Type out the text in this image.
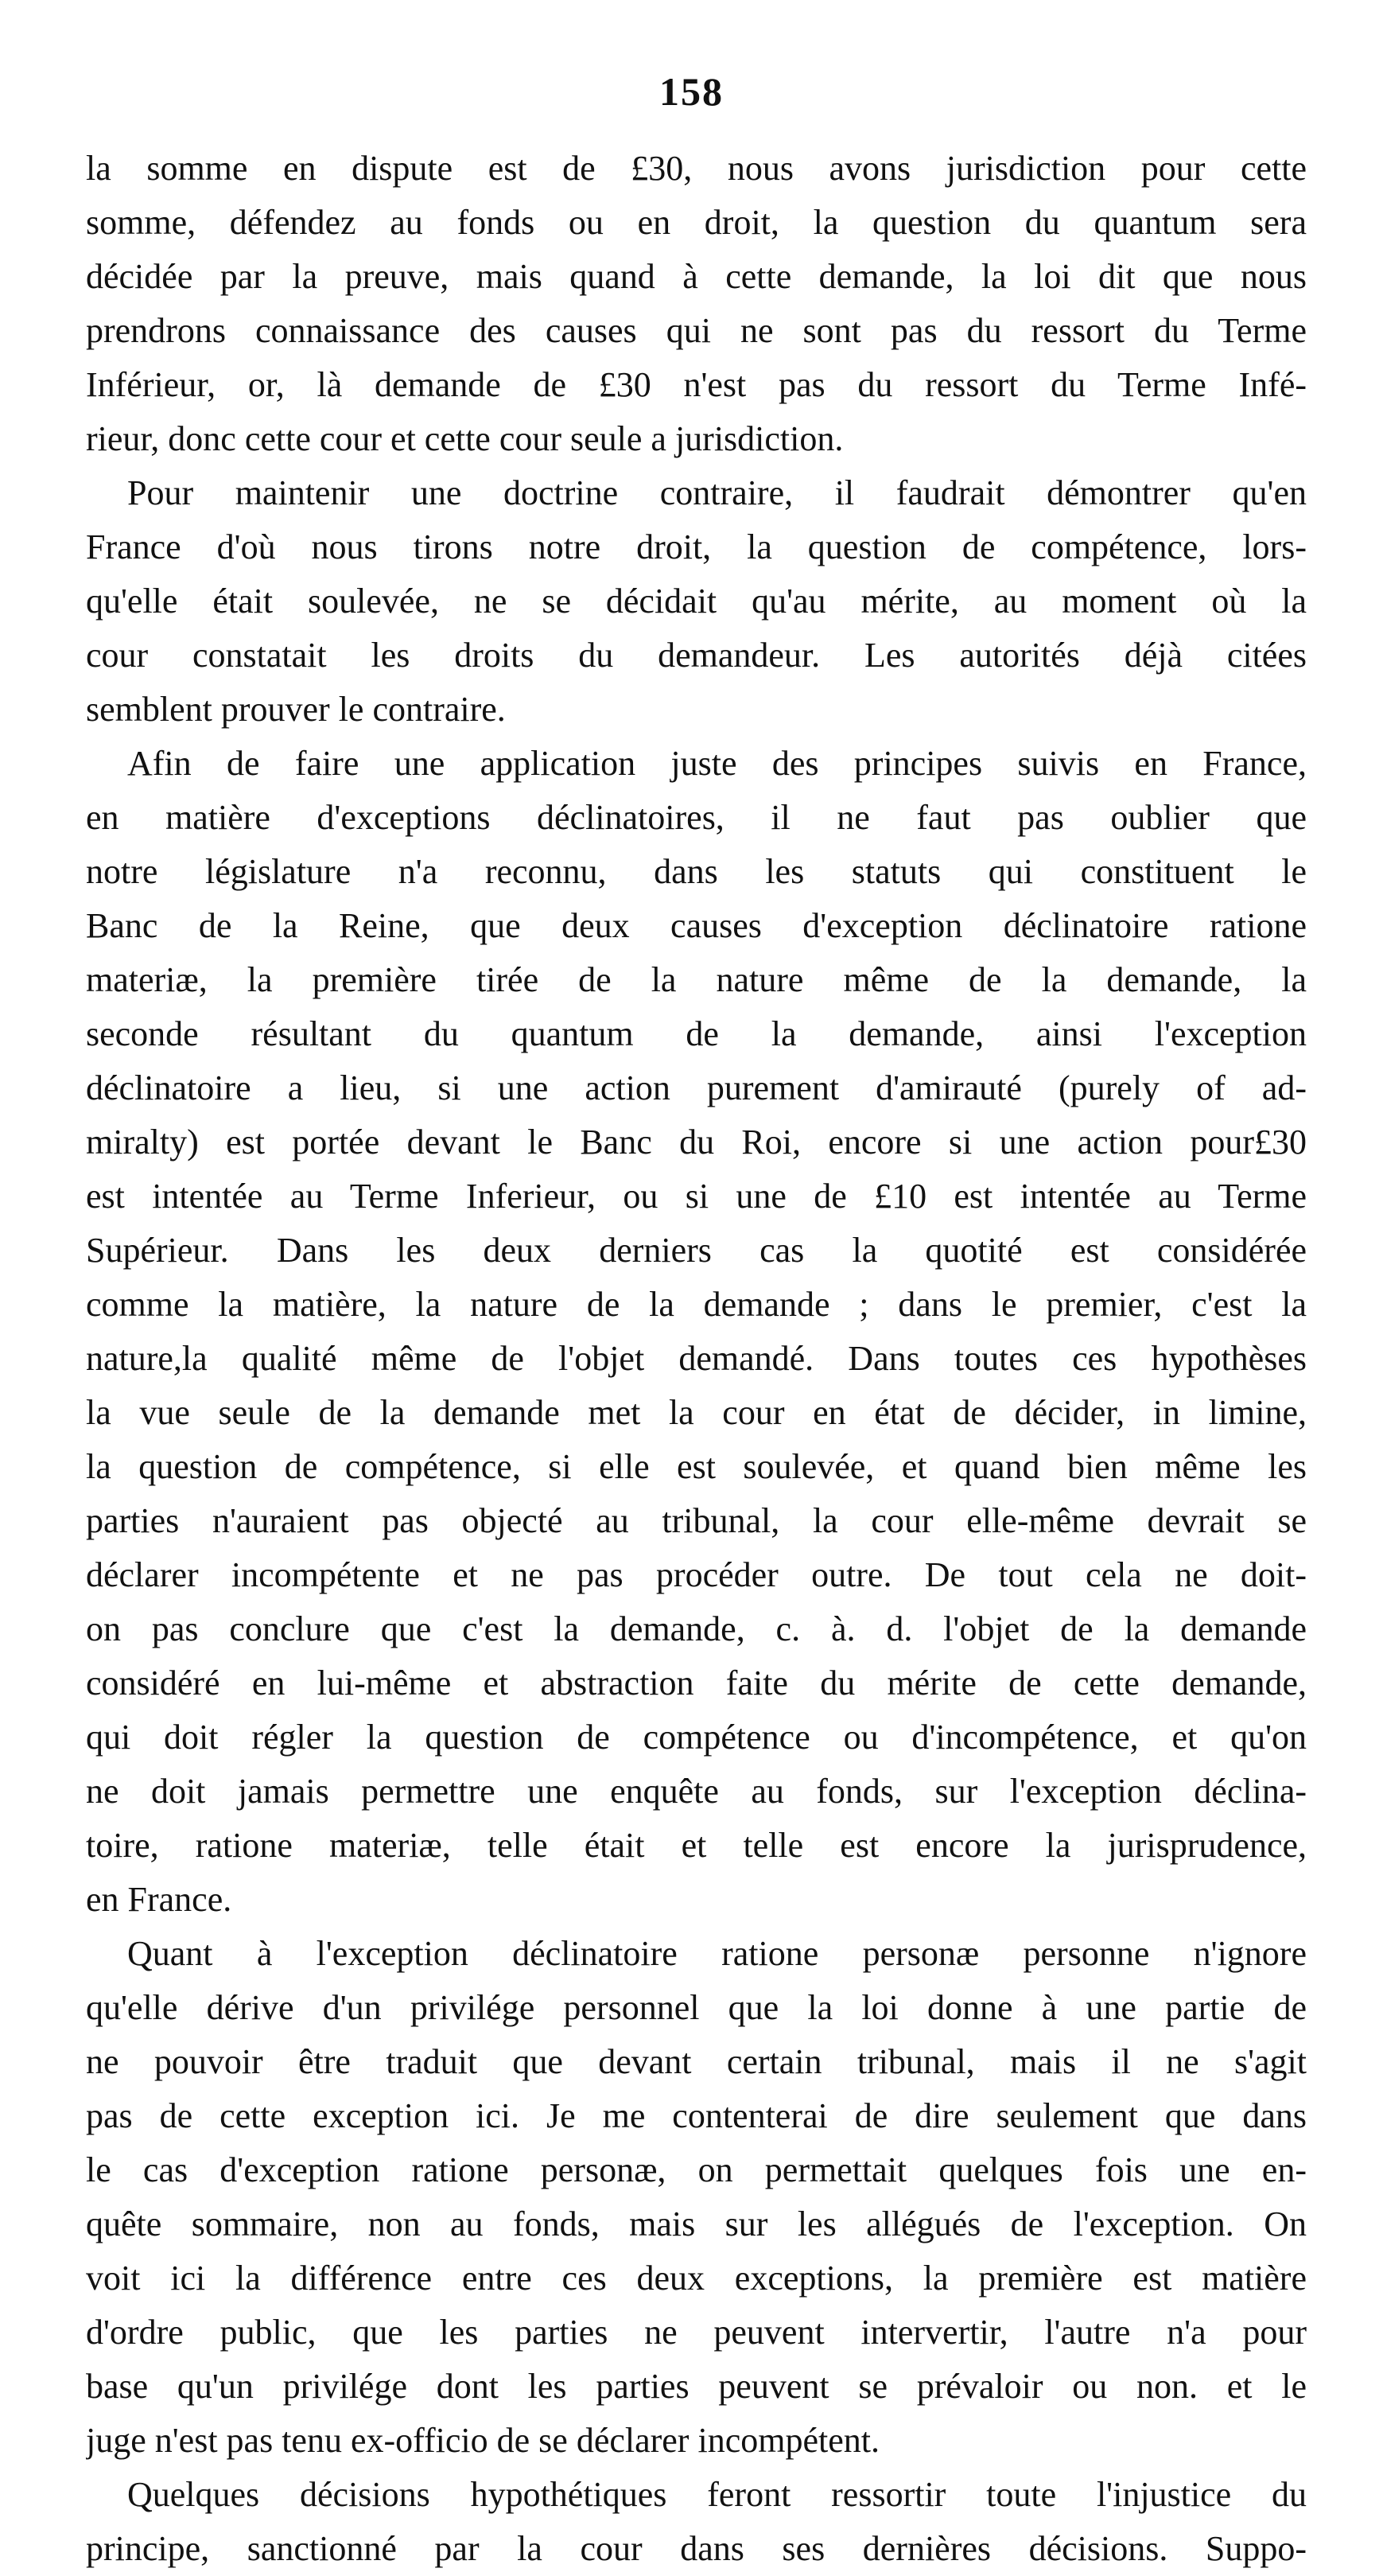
158
la somme en dispute est de £30, nous avons jurisdiction pour cette
somme, défendez au fonds ou en droit, la question du quantum sera
décidée par la preuve, mais quand à cette demande, la loi dit que nous
prendrons connaissance des causes qui ne sont pas du ressort du Terme
Inférieur, or, là demande de £30 n'est pas du ressort du Terme Infé-
rieur, donc cette cour et cette cour seule a jurisdiction.
Pour maintenir une doctrine contraire, il faudrait démontrer qu'en
France d'où nous tirons notre droit, la question de compétence, lors-
qu'elle était soulevée, ne se décidait qu'au mérite, au moment où la
cour constatait les droits du demandeur. Les autorités déjà citées
semblent prouver le contraire.
Afin de faire une application juste des principes suivis en France,
en matière d'exceptions déclinatoires, il ne faut pas oublier que
notre législature n'a reconnu, dans les statuts qui constituent le
Banc de la Reine, que deux causes d'exception déclinatoire ratione
materiæ, la première tirée de la nature même de la demande, la
seconde résultant du quantum de la demande, ainsi l'exception
déclinatoire a lieu, si une action purement d'amirauté (purely of ad-
miralty) est portée devant le Banc du Roi, encore si une action pour£30
est intentée au Terme Inferieur, ou si une de £10 est intentée au Terme
Supérieur. Dans les deux derniers cas la quotité est considérée
comme la matière, la nature de la demande ; dans le premier, c'est la
nature,la qualité même de l'objet demandé. Dans toutes ces hypothèses
la vue seule de la demande met la cour en état de décider, in limine,
la question de compétence, si elle est soulevée, et quand bien même les
parties n'auraient pas objecté au tribunal, la cour elle-même devrait se
déclarer incompétente et ne pas procéder outre. De tout cela ne doit-
on pas conclure que c'est la demande, c. à. d. l'objet de la demande
considéré en lui-même et abstraction faite du mérite de cette demande,
qui doit régler la question de compétence ou d'incompétence, et qu'on
ne doit jamais permettre une enquête au fonds, sur l'exception déclina-
toire, ratione materiæ, telle était et telle est encore la jurisprudence,
en France.
Quant à l'exception déclinatoire ratione personæ personne n'ignore
qu'elle dérive d'un privilége personnel que la loi donne à une partie de
ne pouvoir être traduit que devant certain tribunal, mais il ne s'agit
pas de cette exception ici. Je me contenterai de dire seulement que dans
le cas d'exception ratione personæ, on permettait quelques fois une en-
quête sommaire, non au fonds, mais sur les allégués de l'exception. On
voit ici la différence entre ces deux exceptions, la première est matière
d'ordre public, que les parties ne peuvent intervertir, l'autre n'a pour
base qu'un privilége dont les parties peuvent se prévaloir ou non. et le
juge n'est pas tenu ex-officio de se déclarer incompétent.
Quelques décisions hypothétiques feront ressortir toute l'injustice du
principe, sanctionné par la cour dans ses dernières décisions. Suppo-
